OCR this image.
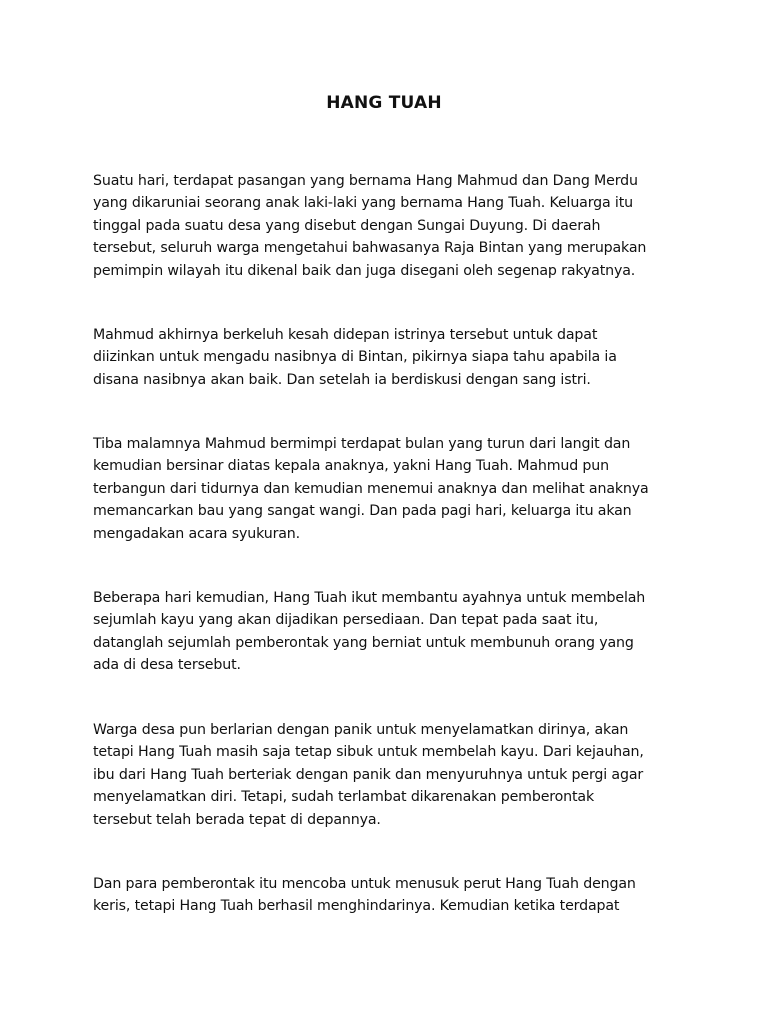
HANG TUAH
Suatu hari, terdapat pasangan yang bernama Hang Mahmud dan Dang Merdu
yang dikaruniai seorang anak laki-laki yang bernama Hang Tuah. Keluarga itu
tinggal pada suatu desa yang disebut dengan Sungai Duyung. Di daerah
tersebut, seluruh warga mengetahui bahwasanya Raja Bintan yang merupakan
pemimpin wilayah itu dikenal baik dan juga disegani oleh segenap rakyatnya.
Mahmud akhirnya berkeluh kesah didepan istrinya tersebut untuk dapat
diizinkan untuk mengadu nasibnya di Bintan, pikirnya siapa tahu apabila ia
disana nasibnya akan baik. Dan setelah ia berdiskusi dengan sang istri.
Tiba malamnya Mahmud bermimpi terdapat bulan yang turun dari langit dan
kemudian bersinar diatas kepala anaknya, yakni Hang Tuah. Mahmud pun
terbangun dari tidurnya dan kemudian menemui anaknya dan melihat anaknya
memancarkan bau yang sangat wangi. Dan pada pagi hari, keluarga itu akan
mengadakan acara syukuran.
Beberapa hari kemudian, Hang Tuah ikut membantu ayahnya untuk membelah
sejumlah kayu yang akan dijadikan persediaan. Dan tepat pada saat itu,
datanglah sejumlah pemberontak yang berniat untuk membunuh orang yang
ada di desa tersebut.
Warga desa pun berlarian dengan panik untuk menyelamatkan dirinya, akan
tetapi Hang Tuah masih saja tetap sibuk untuk membelah kayu. Dari kejauhan,
ibu dari Hang Tuah berteriak dengan panik dan menyuruhnya untuk pergi agar
menyelamatkan diri. Tetapi, sudah terlambat dikarenakan pemberontak
tersebut telah berada tepat di depannya.
Dan para pemberontak itu mencoba untuk menusuk perut Hang Tuah dengan
keris, tetapi Hang Tuah berhasil menghindarinya. Kemudian ketika terdapat
